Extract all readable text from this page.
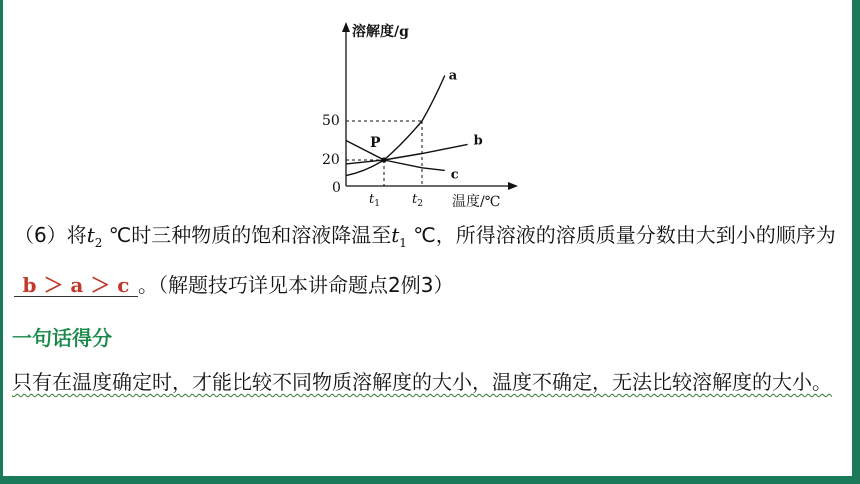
溶解度/g
温度/℃
50
20
0
a
b
c
$t_1$ $t_2$
P
（6）将$t_2$ ℃时三种物质的饱和溶液降温至$t_1$ ℃，所得溶液的溶质质量分数由大到小的顺序为b ＞ a ＞ c 。（解题技巧详见本讲命题点2例3）
一句话得分
只有在温度确定时，才能比较不同物质溶解度的大小，温度不确定，无法比较溶解度的大小。
